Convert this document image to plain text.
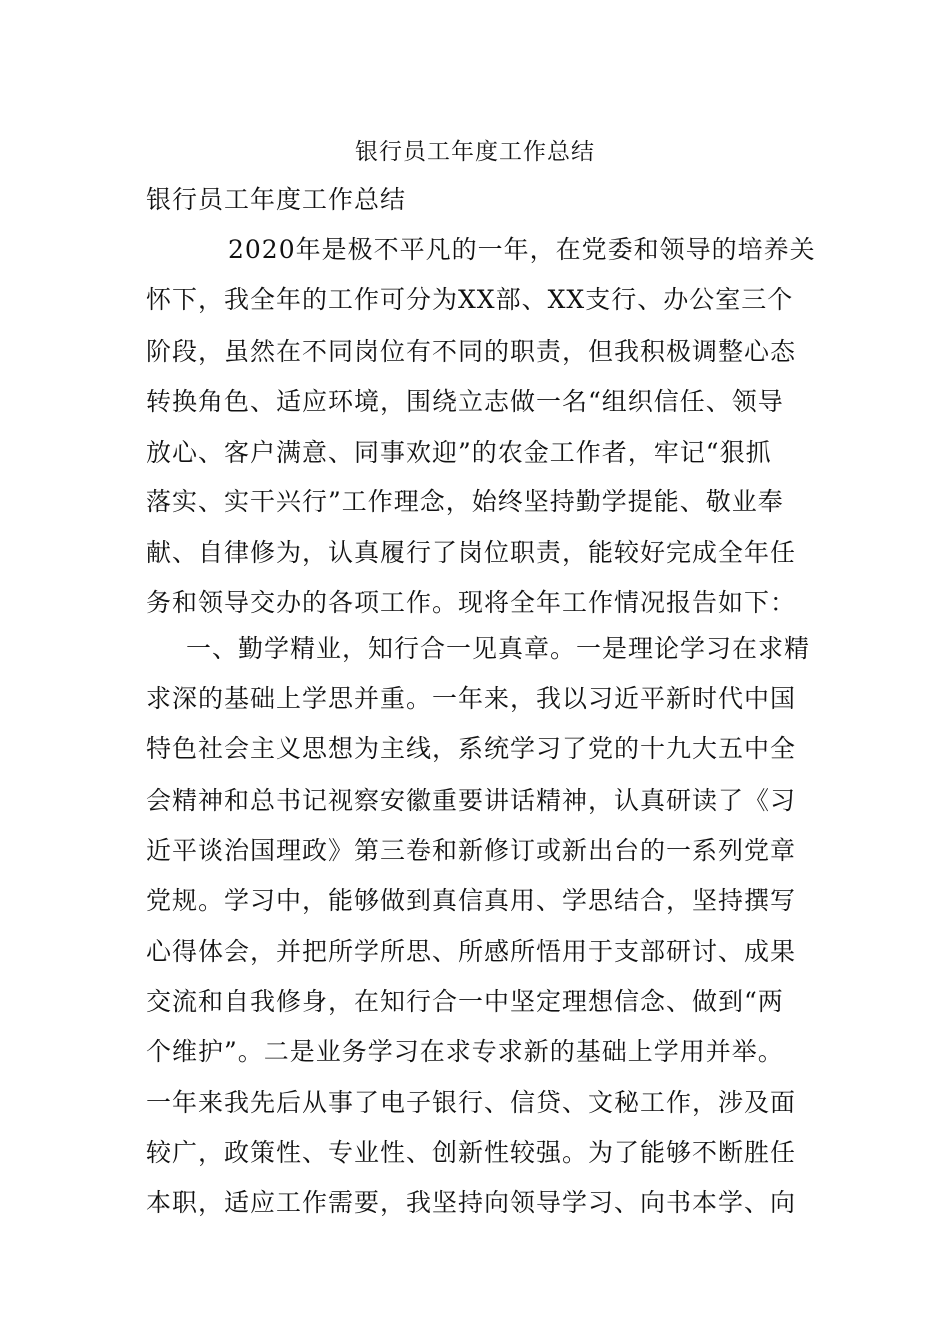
银行员工年度工作总结
银行员工年度工作总结
2020年是极不平凡的一年，在党委和领导的培养关
怀下，我全年的工作可分为XX部、XX支行、办公室三个
阶段，虽然在不同岗位有不同的职责，但我积极调整心态
转换角色、适应环境，围绕立志做一名“组织信任、领导
放心、客户满意、同事欢迎”的农金工作者，牢记“狠抓
落实、实干兴行”工作理念，始终坚持勤学提能、敬业奉
献、自律修为，认真履行了岗位职责，能较好完成全年任
务和领导交办的各项工作。现将全年工作情况报告如下：
一、勤学精业，知行合一见真章。一是理论学习在求精
求深的基础上学思并重。一年来，我以习近平新时代中国
特色社会主义思想为主线，系统学习了党的十九大五中全
会精神和总书记视察安徽重要讲话精神，认真研读了《习
近平谈治国理政》第三卷和新修订或新出台的一系列党章
党规。学习中，能够做到真信真用、学思结合，坚持撰写
心得体会，并把所学所思、所感所悟用于支部研讨、成果
交流和自我修身，在知行合一中坚定理想信念、做到“两
个维护”。二是业务学习在求专求新的基础上学用并举。
一年来我先后从事了电子银行、信贷、文秘工作，涉及面
较广，政策性、专业性、创新性较强。为了能够不断胜任
本职，适应工作需要，我坚持向领导学习、向书本学、向
